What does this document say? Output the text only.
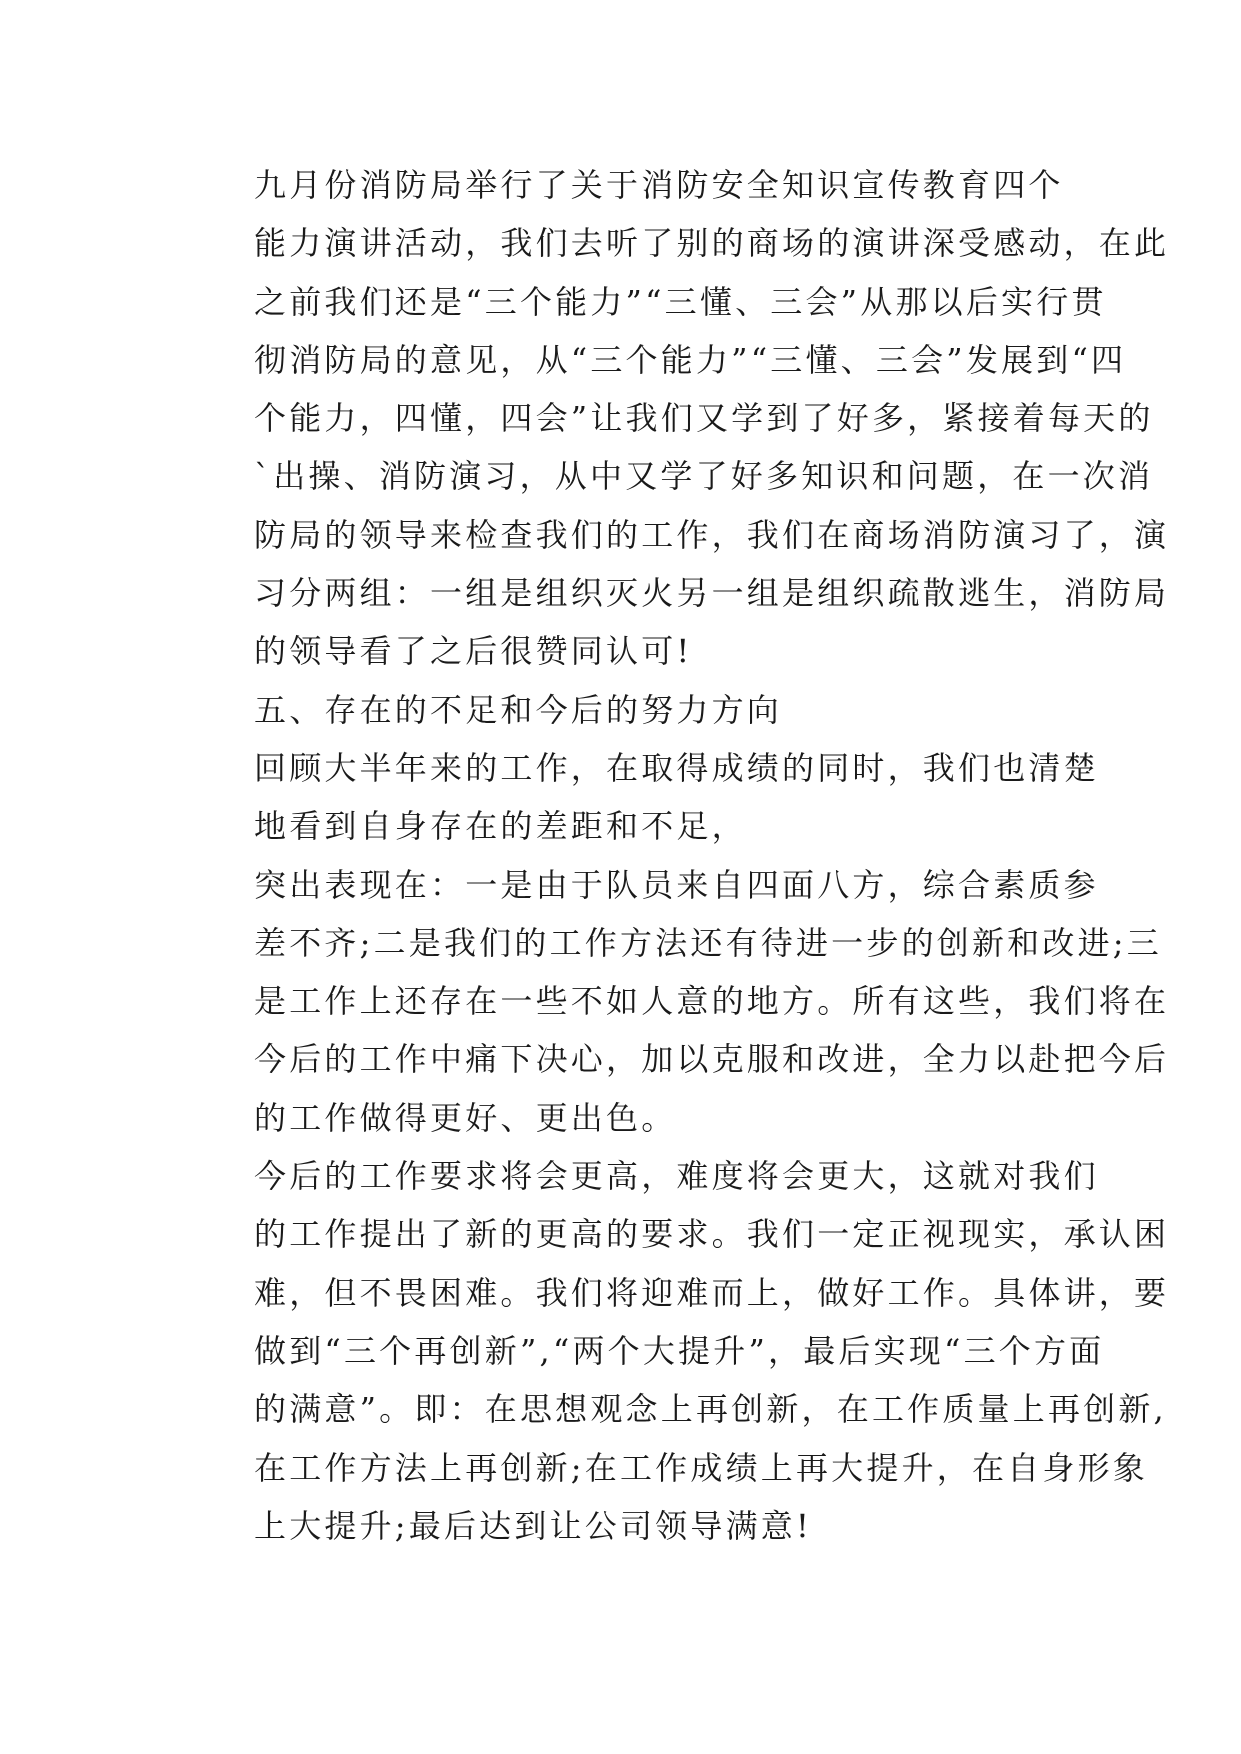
九月份消防局举行了关于消防安全知识宣传教育四个
能力演讲活动，我们去听了别的商场的演讲深受感动，在此
之前我们还是“三个能力”“三懂、三会”从那以后实行贯
彻消防局的意见，从“三个能力”“三懂、三会”发展到“四
个能力，四懂，四会”让我们又学到了好多，紧接着每天的
`出操、消防演习，从中又学了好多知识和问题，在一次消
防局的领导来检查我们的工作，我们在商场消防演习了，演
习分两组：一组是组织灭火另一组是组织疏散逃生，消防局
的领导看了之后很赞同认可!
五、存在的不足和今后的努力方向
回顾大半年来的工作，在取得成绩的同时，我们也清楚
地看到自身存在的差距和不足，
突出表现在：一是由于队员来自四面八方，综合素质参
差不齐;二是我们的工作方法还有待进一步的创新和改进;三
是工作上还存在一些不如人意的地方。所有这些，我们将在
今后的工作中痛下决心，加以克服和改进，全力以赴把今后
的工作做得更好、更出色。
今后的工作要求将会更高，难度将会更大，这就对我们
的工作提出了新的更高的要求。我们一定正视现实，承认困
难，但不畏困难。我们将迎难而上，做好工作。具体讲，要
做到“三个再创新”,“两个大提升”，最后实现“三个方面
的满意”。即：在思想观念上再创新，在工作质量上再创新,
在工作方法上再创新;在工作成绩上再大提升，在自身形象
上大提升;最后达到让公司领导满意!
